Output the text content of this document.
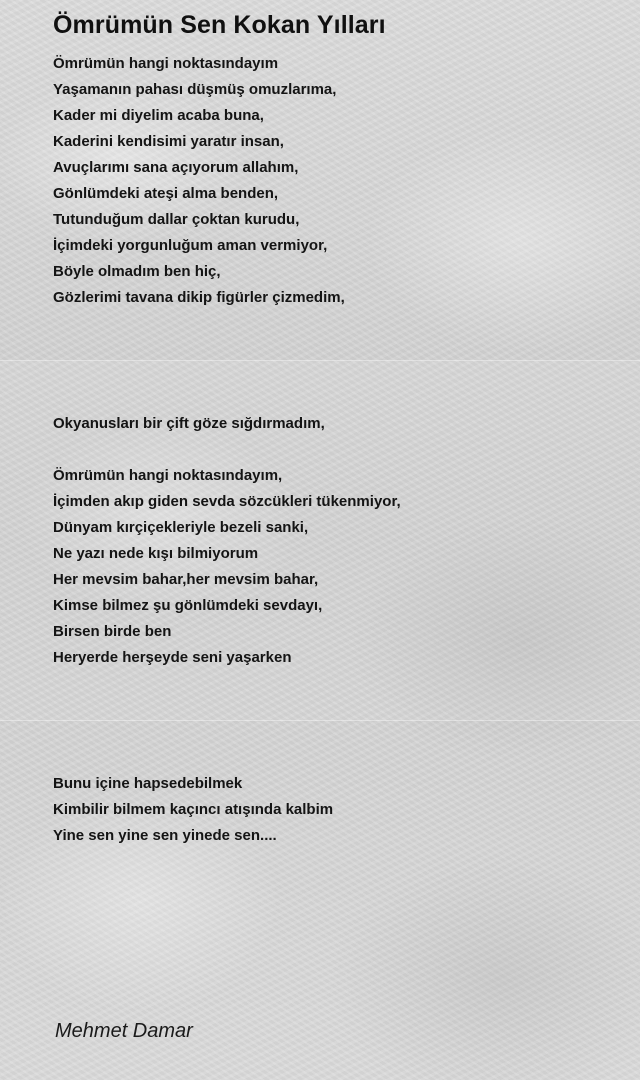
Ömrümün Sen Kokan Yılları
Ömrümün hangi noktasındayım
Yaşamanın pahası düşmüş omuzlarıma,
Kader mi diyelim acaba buna,
Kaderini kendisimi yaratır insan,
Avuçlarımı sana açıyorum allahım,
Gönlümdeki ateşi alma benden,
Tutunduğum dallar çoktan kurudu,
İçimdeki yorgunluğum aman vermiyor,
Böyle olmadım ben hiç,
Gözlerimi tavana dikip figürler çizmedim,
Okyanusları bir çift göze sığdırmadım,
Ömrümün hangi noktasındayım,
İçimden akıp giden sevda sözcükleri tükenmiyor,
Dünyam kırçiçekleriyle bezeli sanki,
Ne yazı nede kışı bilmiyorum
Her mevsim bahar,her mevsim bahar,
Kimse bilmez şu gönlümdeki sevdayı,
Birsen birde ben
Heryerde herşeyde seni yaşarken
Bunu içine hapsedebilmek
Kimbilir bilmem kaçıncı atışında kalbim
Yine sen yine sen yinede sen....

Mehmet Damar
